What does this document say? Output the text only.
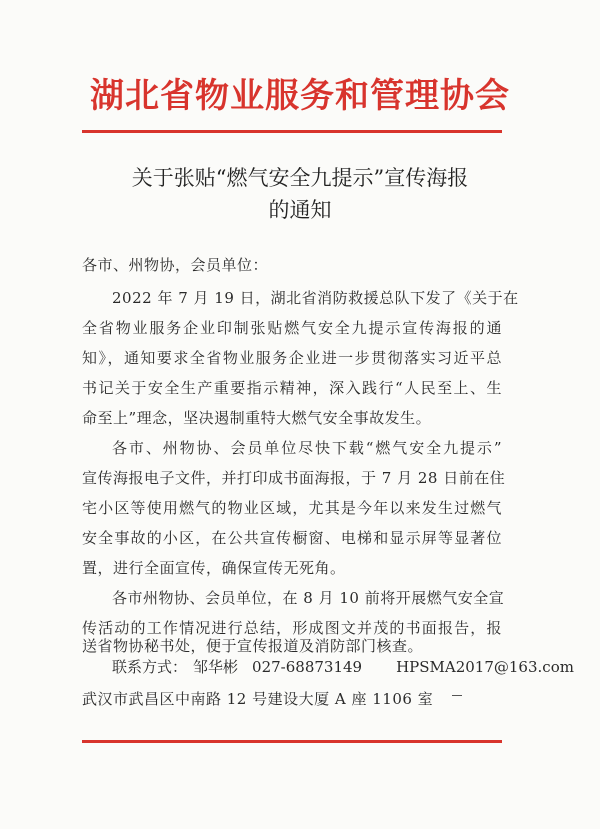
湖北省物业服务和管理协会
关于张贴“燃气安全九提示”宣传海报
的通知
各市、州物协，会员单位：
2022 年 7 月 19 日，湖北省消防救援总队下发了《关于在
全省物业服务企业印制张贴燃气安全九提示宣传海报的通
知》，通知要求全省物业服务企业进一步贯彻落实习近平总
书记关于安全生产重要指示精神，深入践行“人民至上、生
命至上”理念，坚决遏制重特大燃气安全事故发生。
各市、州物协、会员单位尽快下载“燃气安全九提示”
宣传海报电子文件，并打印成书面海报，于 7 月 28 日前在住
宅小区等使用燃气的物业区域，尤其是今年以来发生过燃气
安全事故的小区，在公共宣传橱窗、电梯和显示屏等显著位
置，进行全面宣传，确保宣传无死角。
各市州物协、会员单位，在 8 月 10 前将开展燃气安全宣
传活动的工作情况进行总结，形成图文并茂的书面报告，报
送省物协秘书处，便于宣传报道及消防部门核查。
联系方式： 邹华彬 027-68873149 HPSMA2017@163.com
武汉市武昌区中南路 12 号建设大厦 A 座 1106 室
